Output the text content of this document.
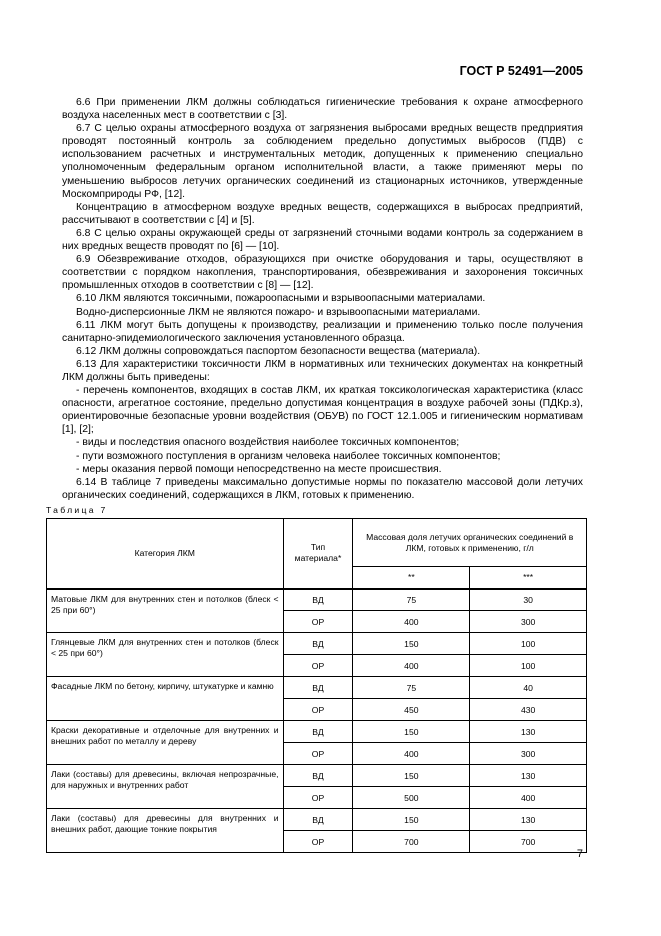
ГОСТ Р 52491—2005

6.6 При применении ЛКМ должны соблюдаться гигиенические требования к охране атмосферного воздуха населенных мест в соответствии с [3].

6.7 С целью охраны атмосферного воздуха от загрязнения выбросами вредных веществ предприятия проводят постоянный контроль за соблюдением предельно допустимых выбросов (ПДВ) с использованием расчетных и инструментальных методик, допущенных к применению специально уполномоченным федеральным органом исполнительной власти, а также применяют меры по уменьшению выбросов летучих органических соединений из стационарных источников, утвержденные Москомприроды РФ, [12].

Концентрацию в атмосферном воздухе вредных веществ, содержащихся в выбросах предприятий, рассчитывают в соответствии с [4] и [5].

6.8 С целью охраны окружающей среды от загрязнений сточными водами контроль за содержанием в них вредных веществ проводят по [6] — [10].

6.9 Обезвреживание отходов, образующихся при очистке оборудования и тары, осуществляют в соответствии с порядком накопления, транспортирования, обезвреживания и захоронения токсичных промышленных отходов в соответствии с [8] — [12].

6.10 ЛКМ являются токсичными, пожароопасными и взрывоопасными материалами.

Водно-дисперсионные ЛКМ не являются пожаро- и взрывоопасными материалами.

6.11 ЛКМ могут быть допущены к производству, реализации и применению только после получения санитарно-эпидемиологического заключения установленного образца.

6.12 ЛКМ должны сопровождаться паспортом безопасности вещества (материала).

6.13 Для характеристики токсичности ЛКМ в нормативных или технических документах на конкретный ЛКМ должны быть приведены:

- перечень компонентов, входящих в состав ЛКМ, их краткая токсикологическая характеристика (класс опасности, агрегатное состояние, предельно допустимая концентрация в воздухе рабочей зоны (ПДКр.з), ориентировочные безопасные уровни воздействия (ОБУВ) по ГОСТ 12.1.005 и гигиеническим нормативам [1], [2];

- виды и последствия опасного воздействия наиболее токсичных компонентов;

- пути возможного поступления в организм человека наиболее токсичных компонентов;

- меры оказания первой помощи непосредственно на месте происшествия.

6.14 В таблице 7 приведены максимально допустимые нормы по показателю массовой доли летучих органических соединений, содержащихся в ЛКМ, готовых к применению.

Таблица 7
Категория ЛКМ	Тип материала*	Массовая доля летучих органических соединений в ЛКМ, готовых к применению, г/л	
		**	***
Матовые ЛКМ для внутренних стен и потолков (блеск < 25 при 60°)	ВД	75	30
	ОР	400	300
Глянцевые ЛКМ для внутренних стен и потолков (блеск < 25 при 60°)	ВД	150	100
	ОР	400	100
Фасадные ЛКМ по бетону, кирпичу, штукатурке и камню	ВД	75	40
	ОР	450	430
Краски декоративные и отделочные для внутренних и внешних работ по металлу и дереву	ВД	150	130
	ОР	400	300
Лаки (составы) для древесины, включая непрозрачные, для наружных и внутренних работ	ВД	150	130
	ОР	500	400
Лаки (составы) для древесины для внутренних и внешних работ, дающие тонкие покрытия	ВД	150	130
	ОР	700	700
7
